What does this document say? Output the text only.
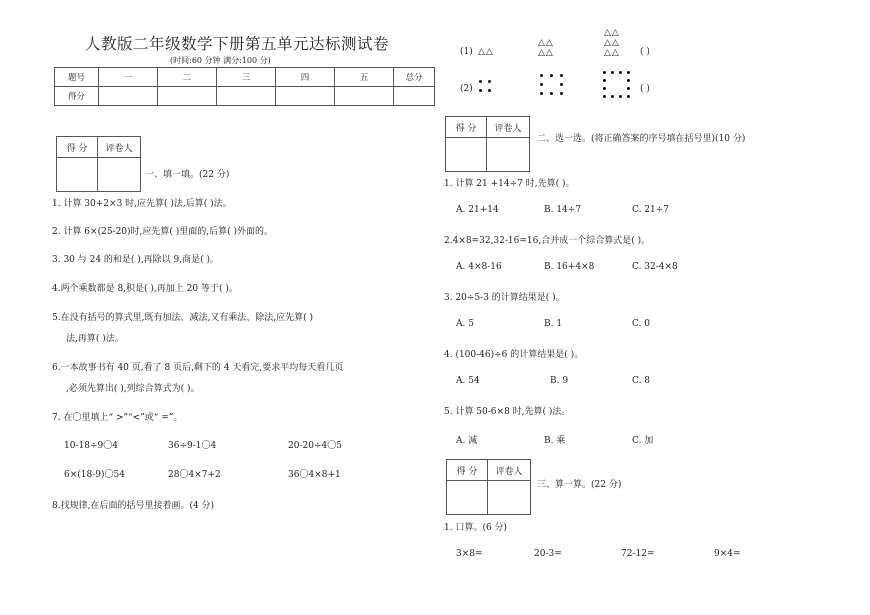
人教版二年级数学下册第五单元达标测试卷
(时间:60 分钟 满分:100 分)
题号	一	二	三	四	五	总分
得分						
得 分	评卷人

一、填一填。(22 分)
1. 计算 30+2×3 时,应先算( )法,后算( )法。
2. 计算 6×(25-20)时,应先算( )里面的,后算( )外面的。
3. 30 与 24 的和是( ),再除以 9,商是( )。
4.两个乘数都是 8,积是( ),再加上 20 等于( )。
5.在没有括号的算式里,既有加法、减法,又有乘法、除法,应先算( )
法,再算( )法。
6.一本故事书有 40 页,看了 8 页后,剩下的 4 天看完,要求平均每天看几页
,必须先算出( ),列综合算式为( )。
7. 在〇里填上“ >”“<”或“ =”。
10-18÷9〇4	36÷9-1〇4	20-20÷4〇5
6×(18-9)〇54	28〇4×7+2	36〇4×8+1
8.找规律,在后面的括号里接着画。(4 分)
(1) △△
△△
△△
△△
△△
△△ ( )
(2)	( )
得 分	评卷人

二、选一选。(将正确答案的序号填在括号里)(10 分)
1. 计算 21 +14÷7 时,先算( )。
A. 21+14	B. 14÷7	C. 21÷7
2.4×8=32,32-16=16,合并成一个综合算式是( )。
A. 4×8-16	B. 16+4×8	C. 32-4×8
3. 20÷5-3 的计算结果是( )。
A. 5	B. 1	C. 0
4. (100-46)÷6 的计算结果是( )。
A. 54	B. 9	C. 8
5. 计算 50-6×8 时,先算( )法。
A. 减	B. 乘	C. 加
得 分	评卷人

三、算一算。(22 分)
1. 口算。(6 分)
3×8=	20-3=	72-12=	9×4=
